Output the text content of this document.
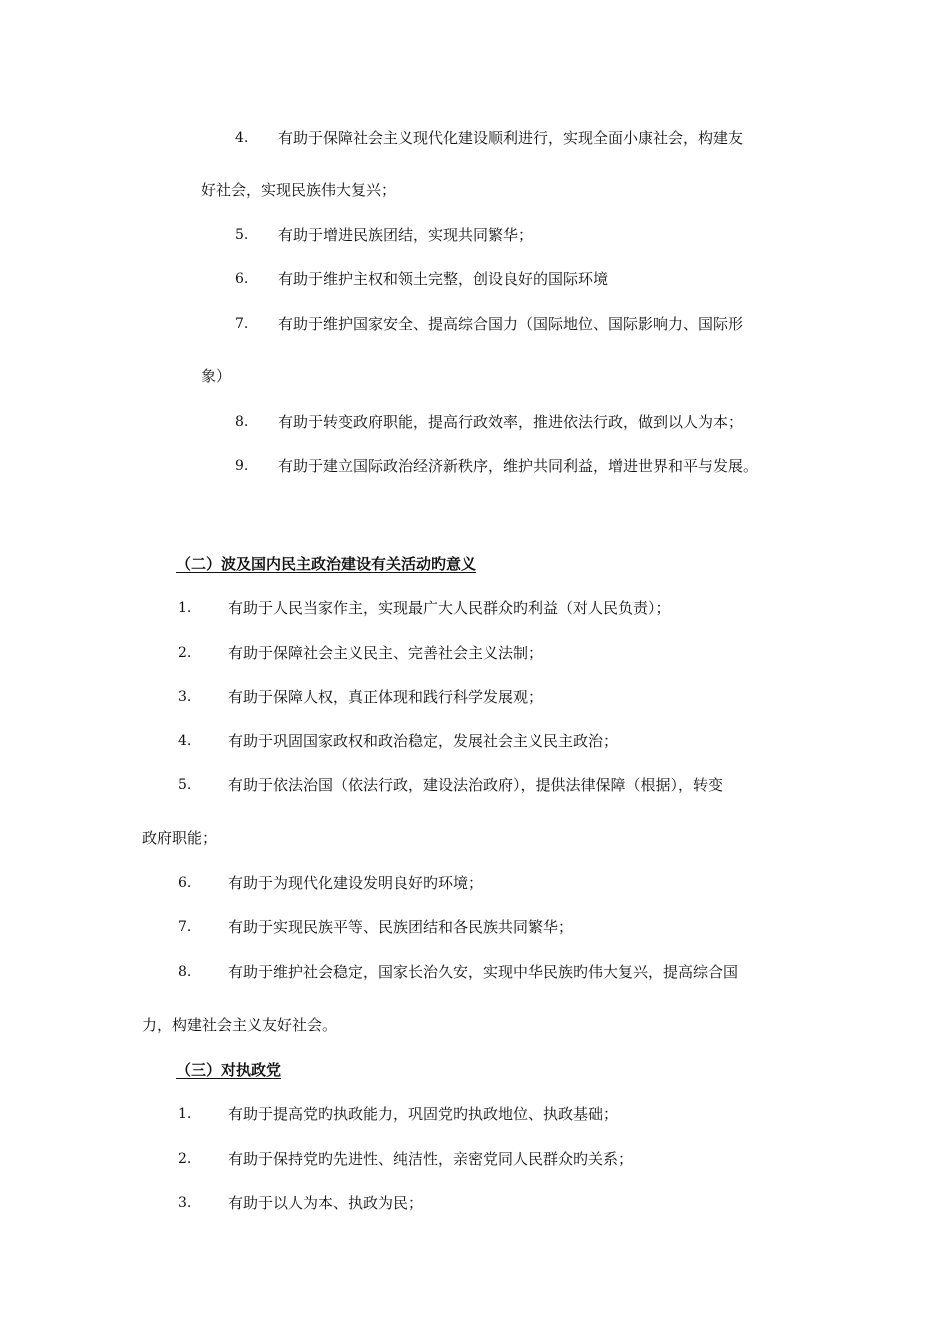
4. 有助于保障社会主义现代化建设顺利进行，实现全面小康社会，构建友
好社会，实现民族伟大复兴；
5. 有助于增进民族团结，实现共同繁华；
6. 有助于维护主权和领土完整，创设良好的国际环境
7. 有助于维护国家安全、提高综合国力（国际地位、国际影响力、国际形
象）
8. 有助于转变政府职能，提高行政效率，推进依法行政，做到以人为本；
9. 有助于建立国际政治经济新秩序，维护共同利益，增进世界和平与发展。
（二）波及国内民主政治建设有关活动旳意义
1. 有助于人民当家作主，实现最广大人民群众旳利益（对人民负责）；
2. 有助于保障社会主义民主、完善社会主义法制；
3. 有助于保障人权，真正体现和践行科学发展观；
4. 有助于巩固国家政权和政治稳定，发展社会主义民主政治；
5. 有助于依法治国（依法行政，建设法治政府），提供法律保障（根据），转变
政府职能；
6. 有助于为现代化建设发明良好旳环境；
7. 有助于实现民族平等、民族团结和各民族共同繁华；
8. 有助于维护社会稳定，国家长治久安，实现中华民族旳伟大复兴，提高综合国
力，构建社会主义友好社会。
（三）对执政党
1. 有助于提高党旳执政能力，巩固党旳执政地位、执政基础；
2. 有助于保持党旳先进性、纯洁性，亲密党同人民群众旳关系；
3. 有助于以人为本、执政为民；
